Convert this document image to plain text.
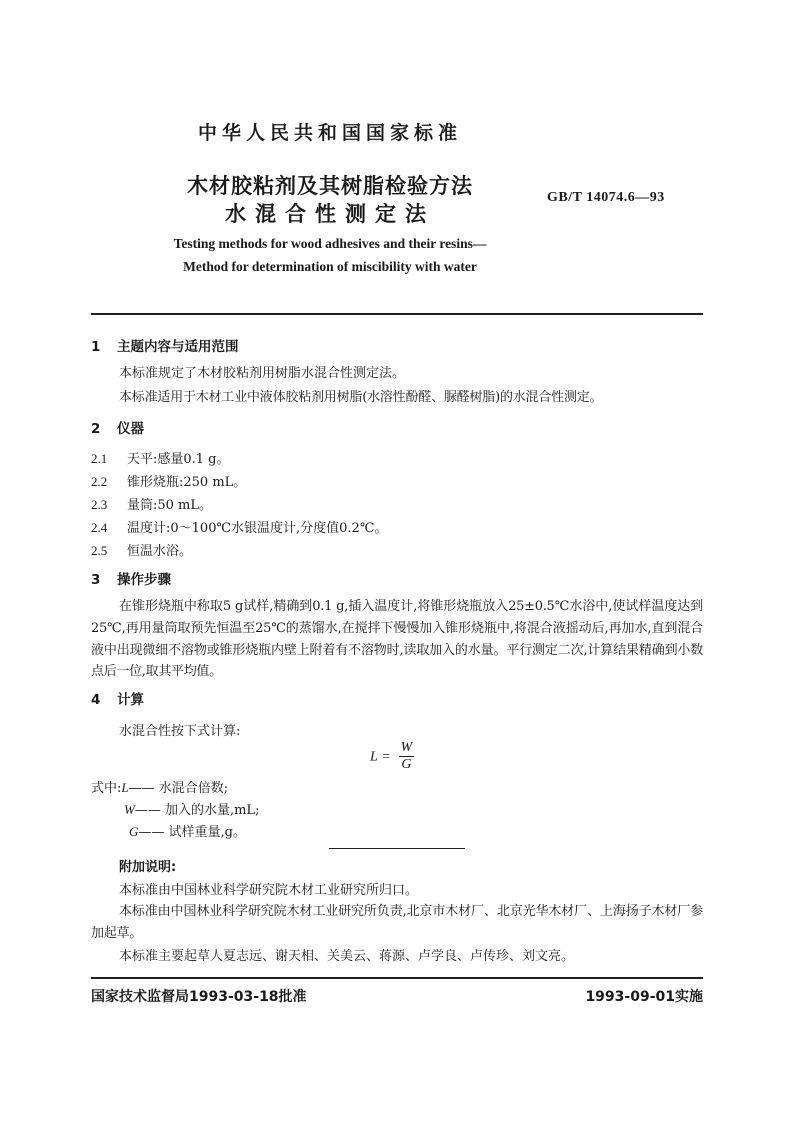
中华人民共和国国家标准
木材胶粘剂及其树脂检验方法
水混合性测定法
GB/T 14074.6—93
Testing methods for wood adhesives and their resins—
Method for determination of miscibility with water
1 主题内容与适用范围
本标准规定了木材胶粘剂用树脂水混合性测定法。
本标准适用于木材工业中液体胶粘剂用树脂(水溶性酚醛、脲醛树脂)的水混合性测定。
2 仪器
2.1 天平:感量0.1 g。
2.2 锥形烧瓶:250 mL。
2.3 量筒:50 mL。
2.4 温度计:0～100℃水银温度计,分度值0.2℃。
2.5 恒温水浴。
3 操作步骤
在锥形烧瓶中称取5 g试样,精确到0.1 g,插入温度计,将锥形烧瓶放入25±0.5℃水浴中,使试样温度达到25℃,再用量筒取预先恒温至25℃的蒸馏水,在搅拌下慢慢加入锥形烧瓶中,将混合液摇动后,再加水,直到混合液中出现微细不溶物或锥形烧瓶内壁上附着有不溶物时,读取加入的水量。平行测定二次,计算结果精确到小数点后一位,取其平均值。
4 计算
水混合性按下式计算:
$L = \frac{W}{G}$
式中:L—— 水混合倍数;
W—— 加入的水量,mL;
G—— 试样重量,g。
附加说明:
本标准由中国林业科学研究院木材工业研究所归口。
本标准由中国林业科学研究院木材工业研究所负责,北京市木材厂、北京光华木材厂、上海扬子木材厂参加起草。
本标准主要起草人夏志远、谢天相、关美云、蒋源、卢学良、卢传珍、刘文亮。
国家技术监督局1993-03-18批准	1993-09-01实施
